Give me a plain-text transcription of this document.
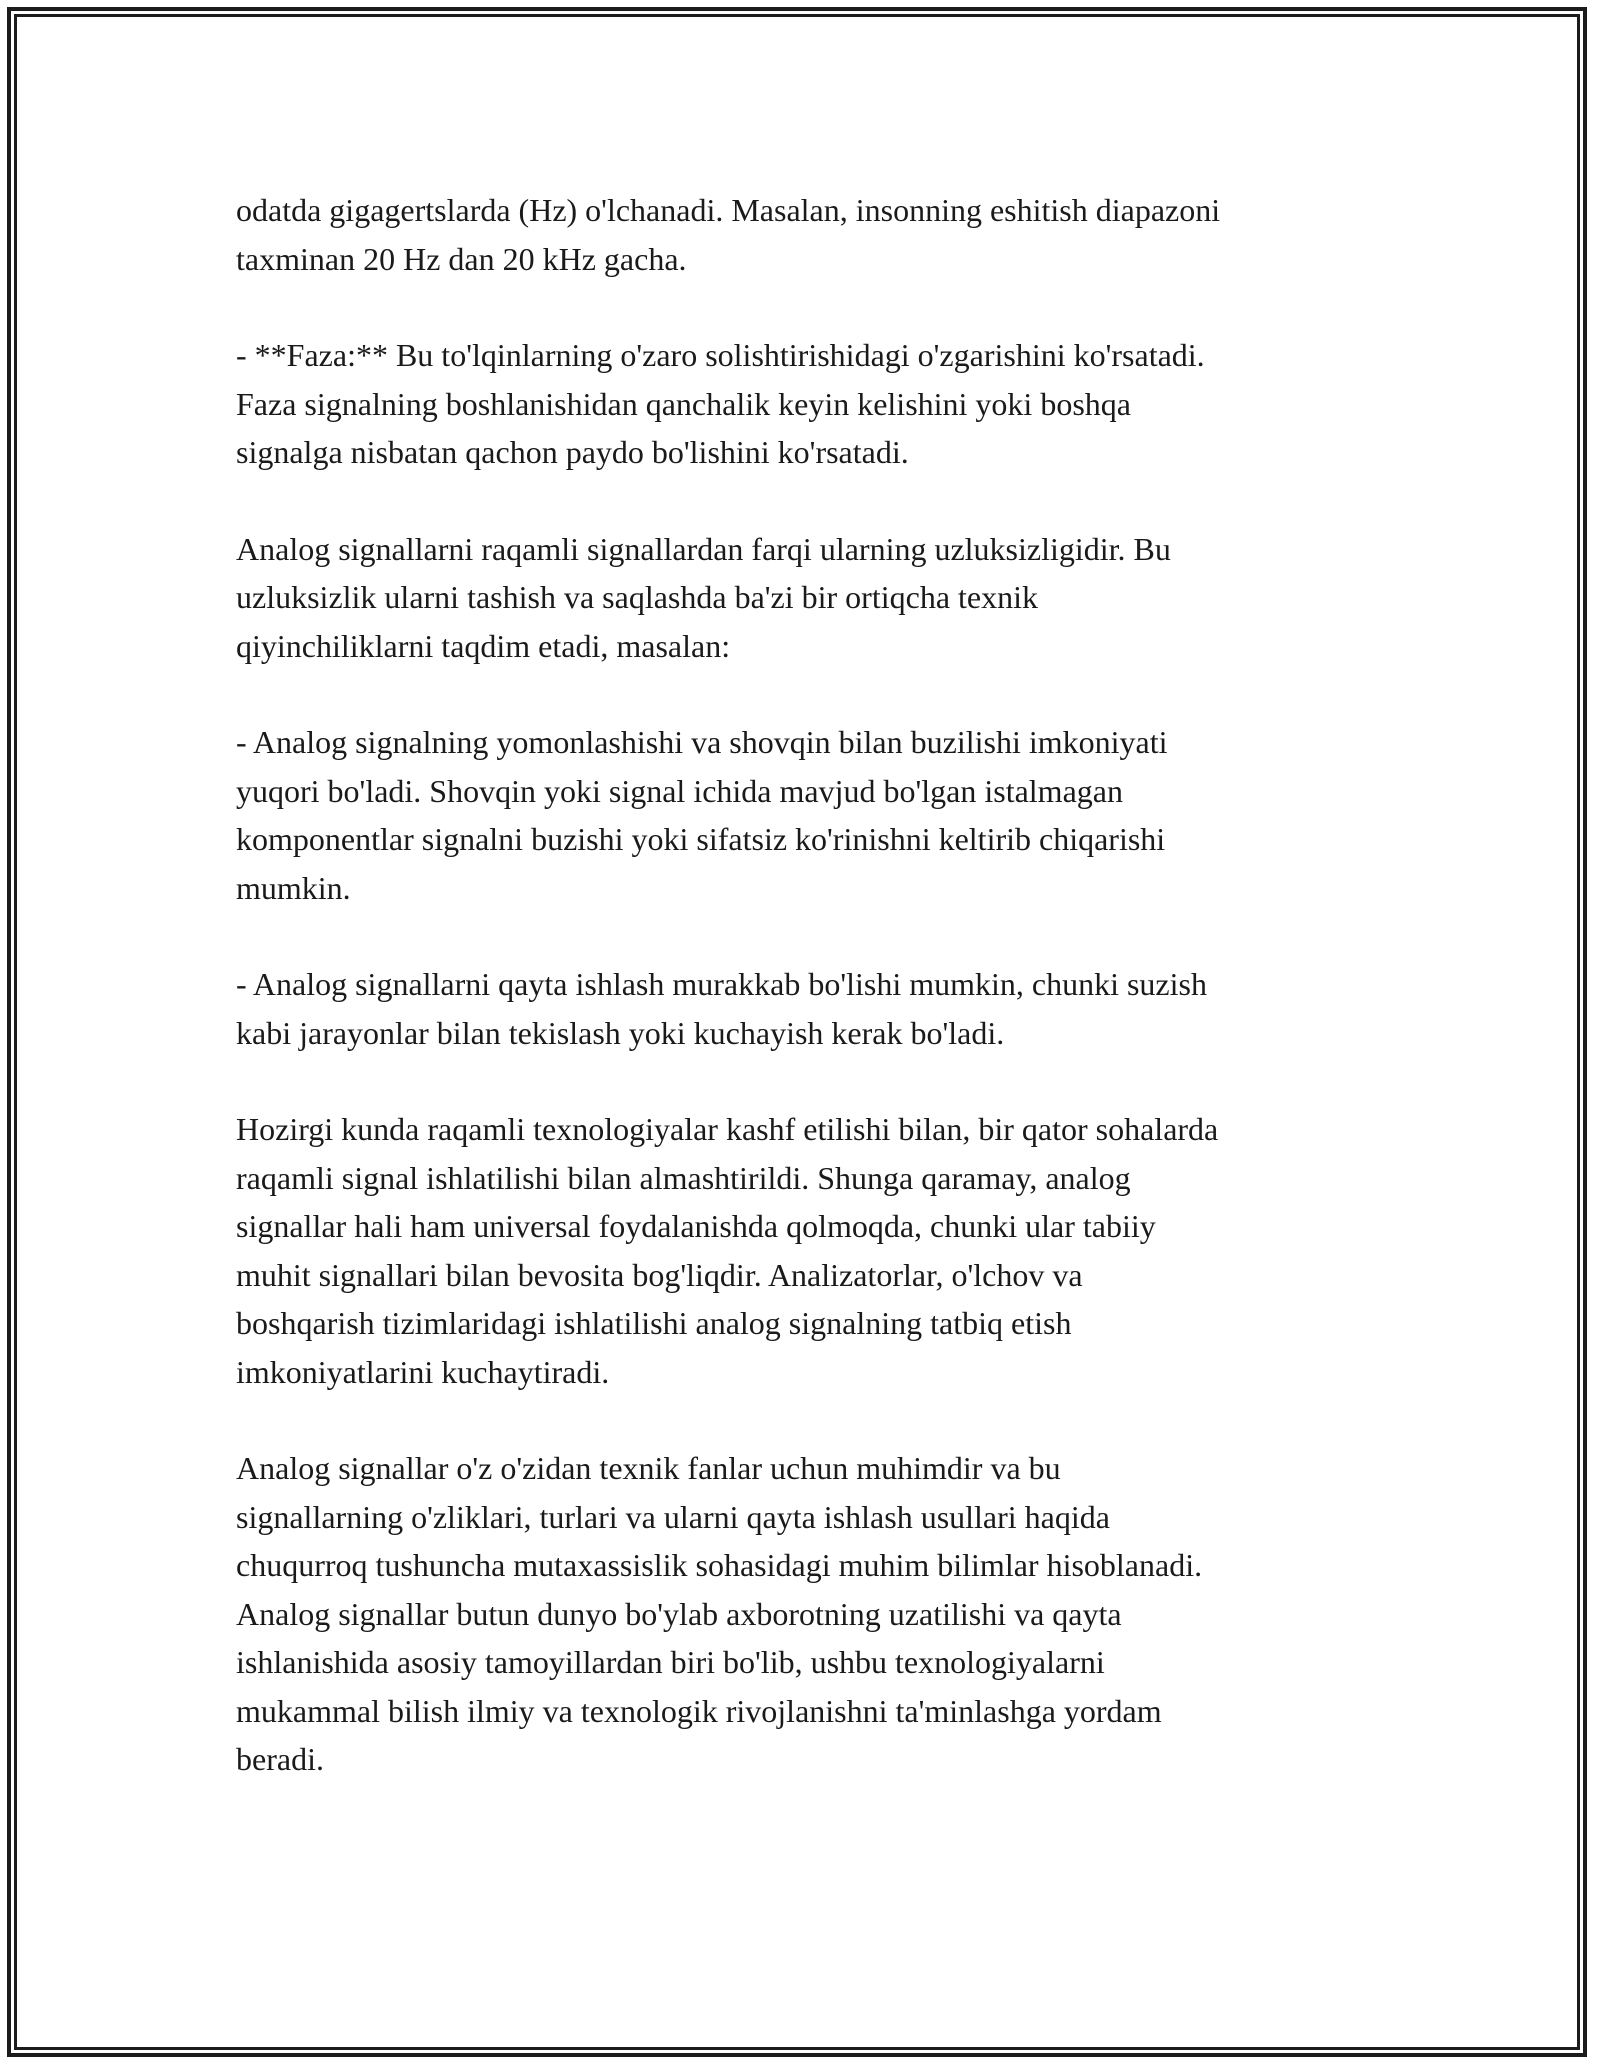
odatda gigagertslarda (Hz) o'lchanadi. Masalan, insonning eshitish diapazoni
taxminan 20 Hz dan 20 kHz gacha.

- **Faza:** Bu to'lqinlarning o'zaro solishtirishidagi o'zgarishini ko'rsatadi.
Faza signalning boshlanishidan qanchalik keyin kelishini yoki boshqa
signalga nisbatan qachon paydo bo'lishini ko'rsatadi.

Analog signallarni raqamli signallardan farqi ularning uzluksizligidir. Bu
uzluksizlik ularni tashish va saqlashda ba'zi bir ortiqcha texnik
qiyinchiliklarni taqdim etadi, masalan:

- Analog signalning yomonlashishi va shovqin bilan buzilishi imkoniyati
yuqori bo'ladi. Shovqin yoki signal ichida mavjud bo'lgan istalmagan
komponentlar signalni buzishi yoki sifatsiz ko'rinishni keltirib chiqarishi
mumkin.

- Analog signallarni qayta ishlash murakkab bo'lishi mumkin, chunki suzish
kabi jarayonlar bilan tekislash yoki kuchayish kerak bo'ladi.

Hozirgi kunda raqamli texnologiyalar kashf etilishi bilan, bir qator sohalarda
raqamli signal ishlatilishi bilan almashtirildi. Shunga qaramay, analog
signallar hali ham universal foydalanishda qolmoqda, chunki ular tabiiy
muhit signallari bilan bevosita bog'liqdir. Analizatorlar, o'lchov va
boshqarish tizimlaridagi ishlatilishi analog signalning tatbiq etish
imkoniyatlarini kuchaytiradi.

Analog signallar o'z o'zidan texnik fanlar uchun muhimdir va bu
signallarning o'zliklari, turlari va ularni qayta ishlash usullari haqida
chuqurroq tushuncha mutaxassislik sohasidagi muhim bilimlar hisoblanadi.
Analog signallar butun dunyo bo'ylab axborotning uzatilishi va qayta
ishlanishida asosiy tamoyillardan biri bo'lib, ushbu texnologiyalarni
mukammal bilish ilmiy va texnologik rivojlanishni ta'minlashga yordam
beradi.
